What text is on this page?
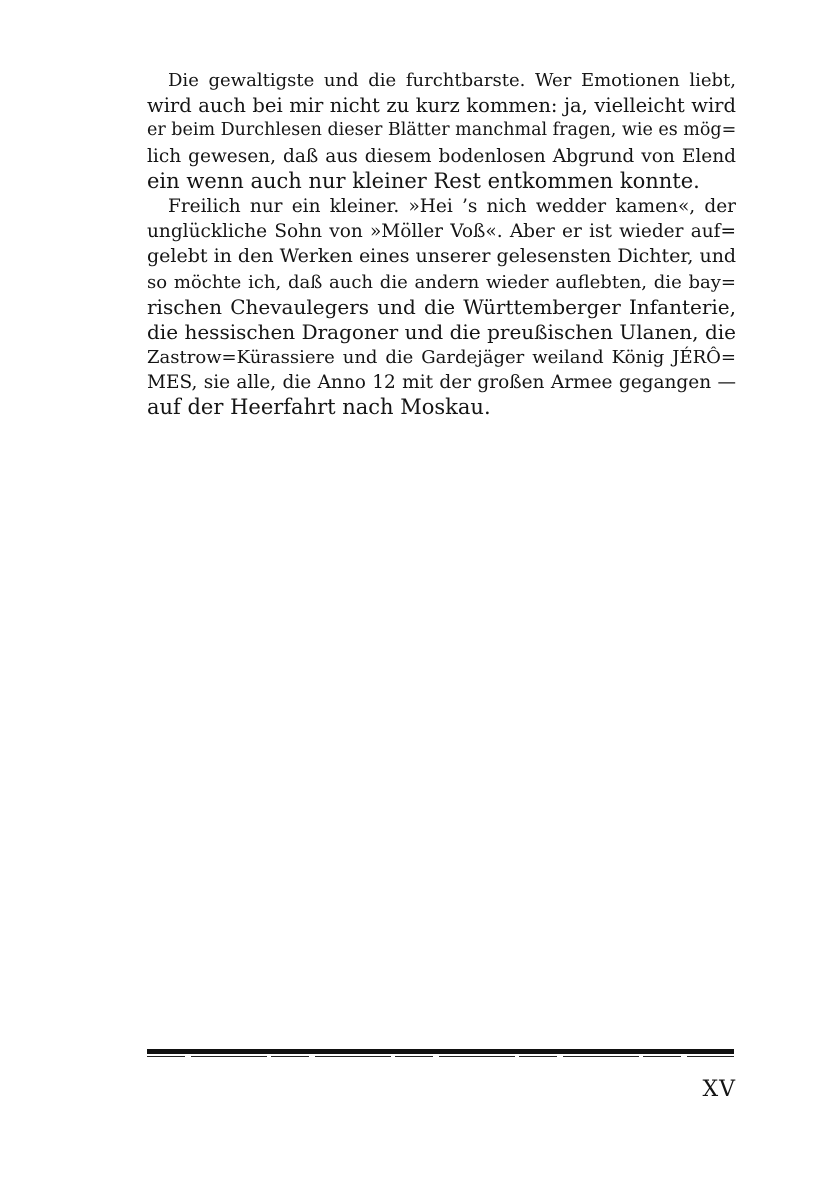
Die gewaltigste und die furchtbarste. Wer Emotionen liebt,
wird auch bei mir nicht zu kurz kommen: ja, vielleicht wird
er beim Durchlesen dieser Blätter manchmal fragen, wie es mög=
lich gewesen, daß aus diesem bodenlosen Abgrund von Elend
ein wenn auch nur kleiner Rest entkommen konnte.
Freilich nur ein kleiner. »Hei ’s nich wedder kamen«, der
unglückliche Sohn von »Möller Voß«. Aber er ist wieder auf=
gelebt in den Werken eines unserer gelesensten Dichter, und
so möchte ich, daß auch die andern wieder auflebten, die bay=
rischen Chevaulegers und die Württemberger Infanterie,
die hessischen Dragoner und die preußischen Ulanen, die
Zastrow=Kürassiere und die Gardejäger weiland König JÉRÔ=
MES, sie alle, die Anno 12 mit der großen Armee gegangen —
auf der Heerfahrt nach Moskau.
XV
